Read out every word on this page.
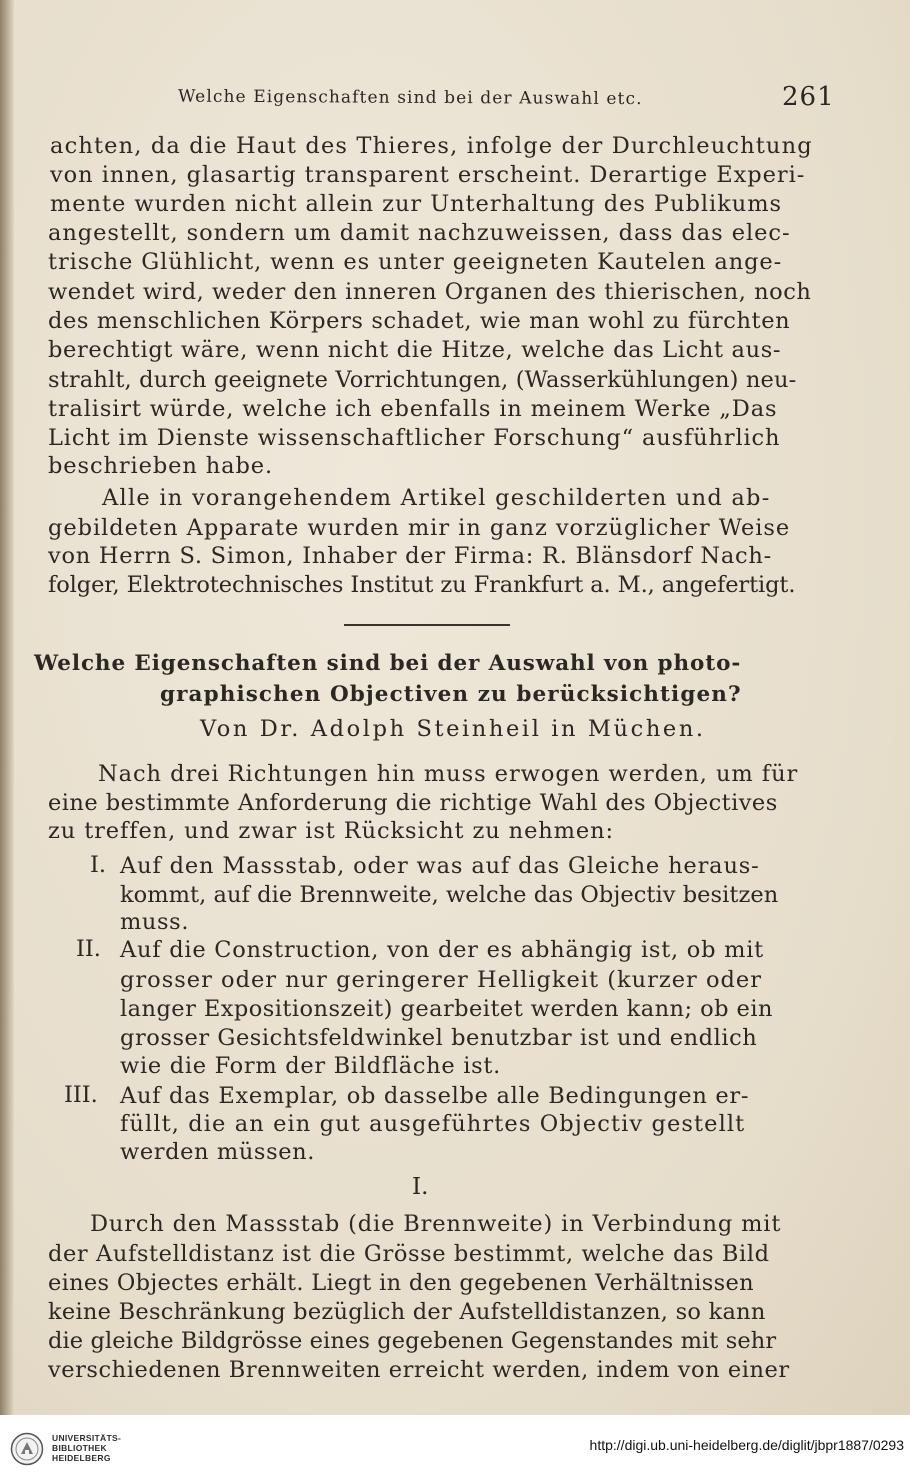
Welche Eigenschaften sind bei der Auswahl etc.	261
achten, da die Haut des Thieres, infolge der Durchleuchtung
von innen, glasartig transparent erscheint. Derartige Experi-
mente wurden nicht allein zur Unterhaltung des Publikums
angestellt, sondern um damit nachzuweissen, dass das elec-
trische Glühlicht, wenn es unter geeigneten Kautelen ange-
wendet wird, weder den inneren Organen des thierischen, noch
des menschlichen Körpers schadet, wie man wohl zu fürchten
berechtigt wäre, wenn nicht die Hitze, welche das Licht aus-
strahlt, durch geeignete Vorrichtungen, (Wasserkühlungen) neu-
tralisirt würde, welche ich ebenfalls in meinem Werke „Das
Licht im Dienste wissenschaftlicher Forschung“ ausführlich
beschrieben habe.
Alle in vorangehendem Artikel geschilderten und ab-
gebildeten Apparate wurden mir in ganz vorzüglicher Weise
von Herrn S. Simon, Inhaber der Firma: R. Blänsdorf Nach-
folger, Elektrotechnisches Institut zu Frankfurt a. M., angefertigt.
Welche Eigenschaften sind bei der Auswahl von photo-
graphischen Objectiven zu berücksichtigen?
Von Dr. Adolph Steinheil in Müchen.
Nach drei Richtungen hin muss erwogen werden, um für
eine bestimmte Anforderung die richtige Wahl des Objectives
zu treffen, und zwar ist Rücksicht zu nehmen:
I. Auf den Massstab, oder was auf das Gleiche heraus-
kommt, auf die Brennweite, welche das Objectiv besitzen
muss.
II. Auf die Construction, von der es abhängig ist, ob mit
grosser oder nur geringerer Helligkeit (kurzer oder
langer Expositionszeit) gearbeitet werden kann; ob ein
grosser Gesichtsfeldwinkel benutzbar ist und endlich
wie die Form der Bildfläche ist.
III. Auf das Exemplar, ob dasselbe alle Bedingungen er-
füllt, die an ein gut ausgeführtes Objectiv gestellt
werden müssen.
I.
Durch den Massstab (die Brennweite) in Verbindung mit
der Aufstelldistanz ist die Grösse bestimmt, welche das Bild
eines Objectes erhält. Liegt in den gegebenen Verhältnissen
keine Beschränkung bezüglich der Aufstelldistanzen, so kann
die gleiche Bildgrösse eines gegebenen Gegenstandes mit sehr
verschiedenen Brennweiten erreicht werden, indem von einer
UNIVERSITÄTS-
BIBLIOTHEK
HEIDELBERG
http://digi.ub.uni-heidelberg.de/diglit/jbpr1887/0293
